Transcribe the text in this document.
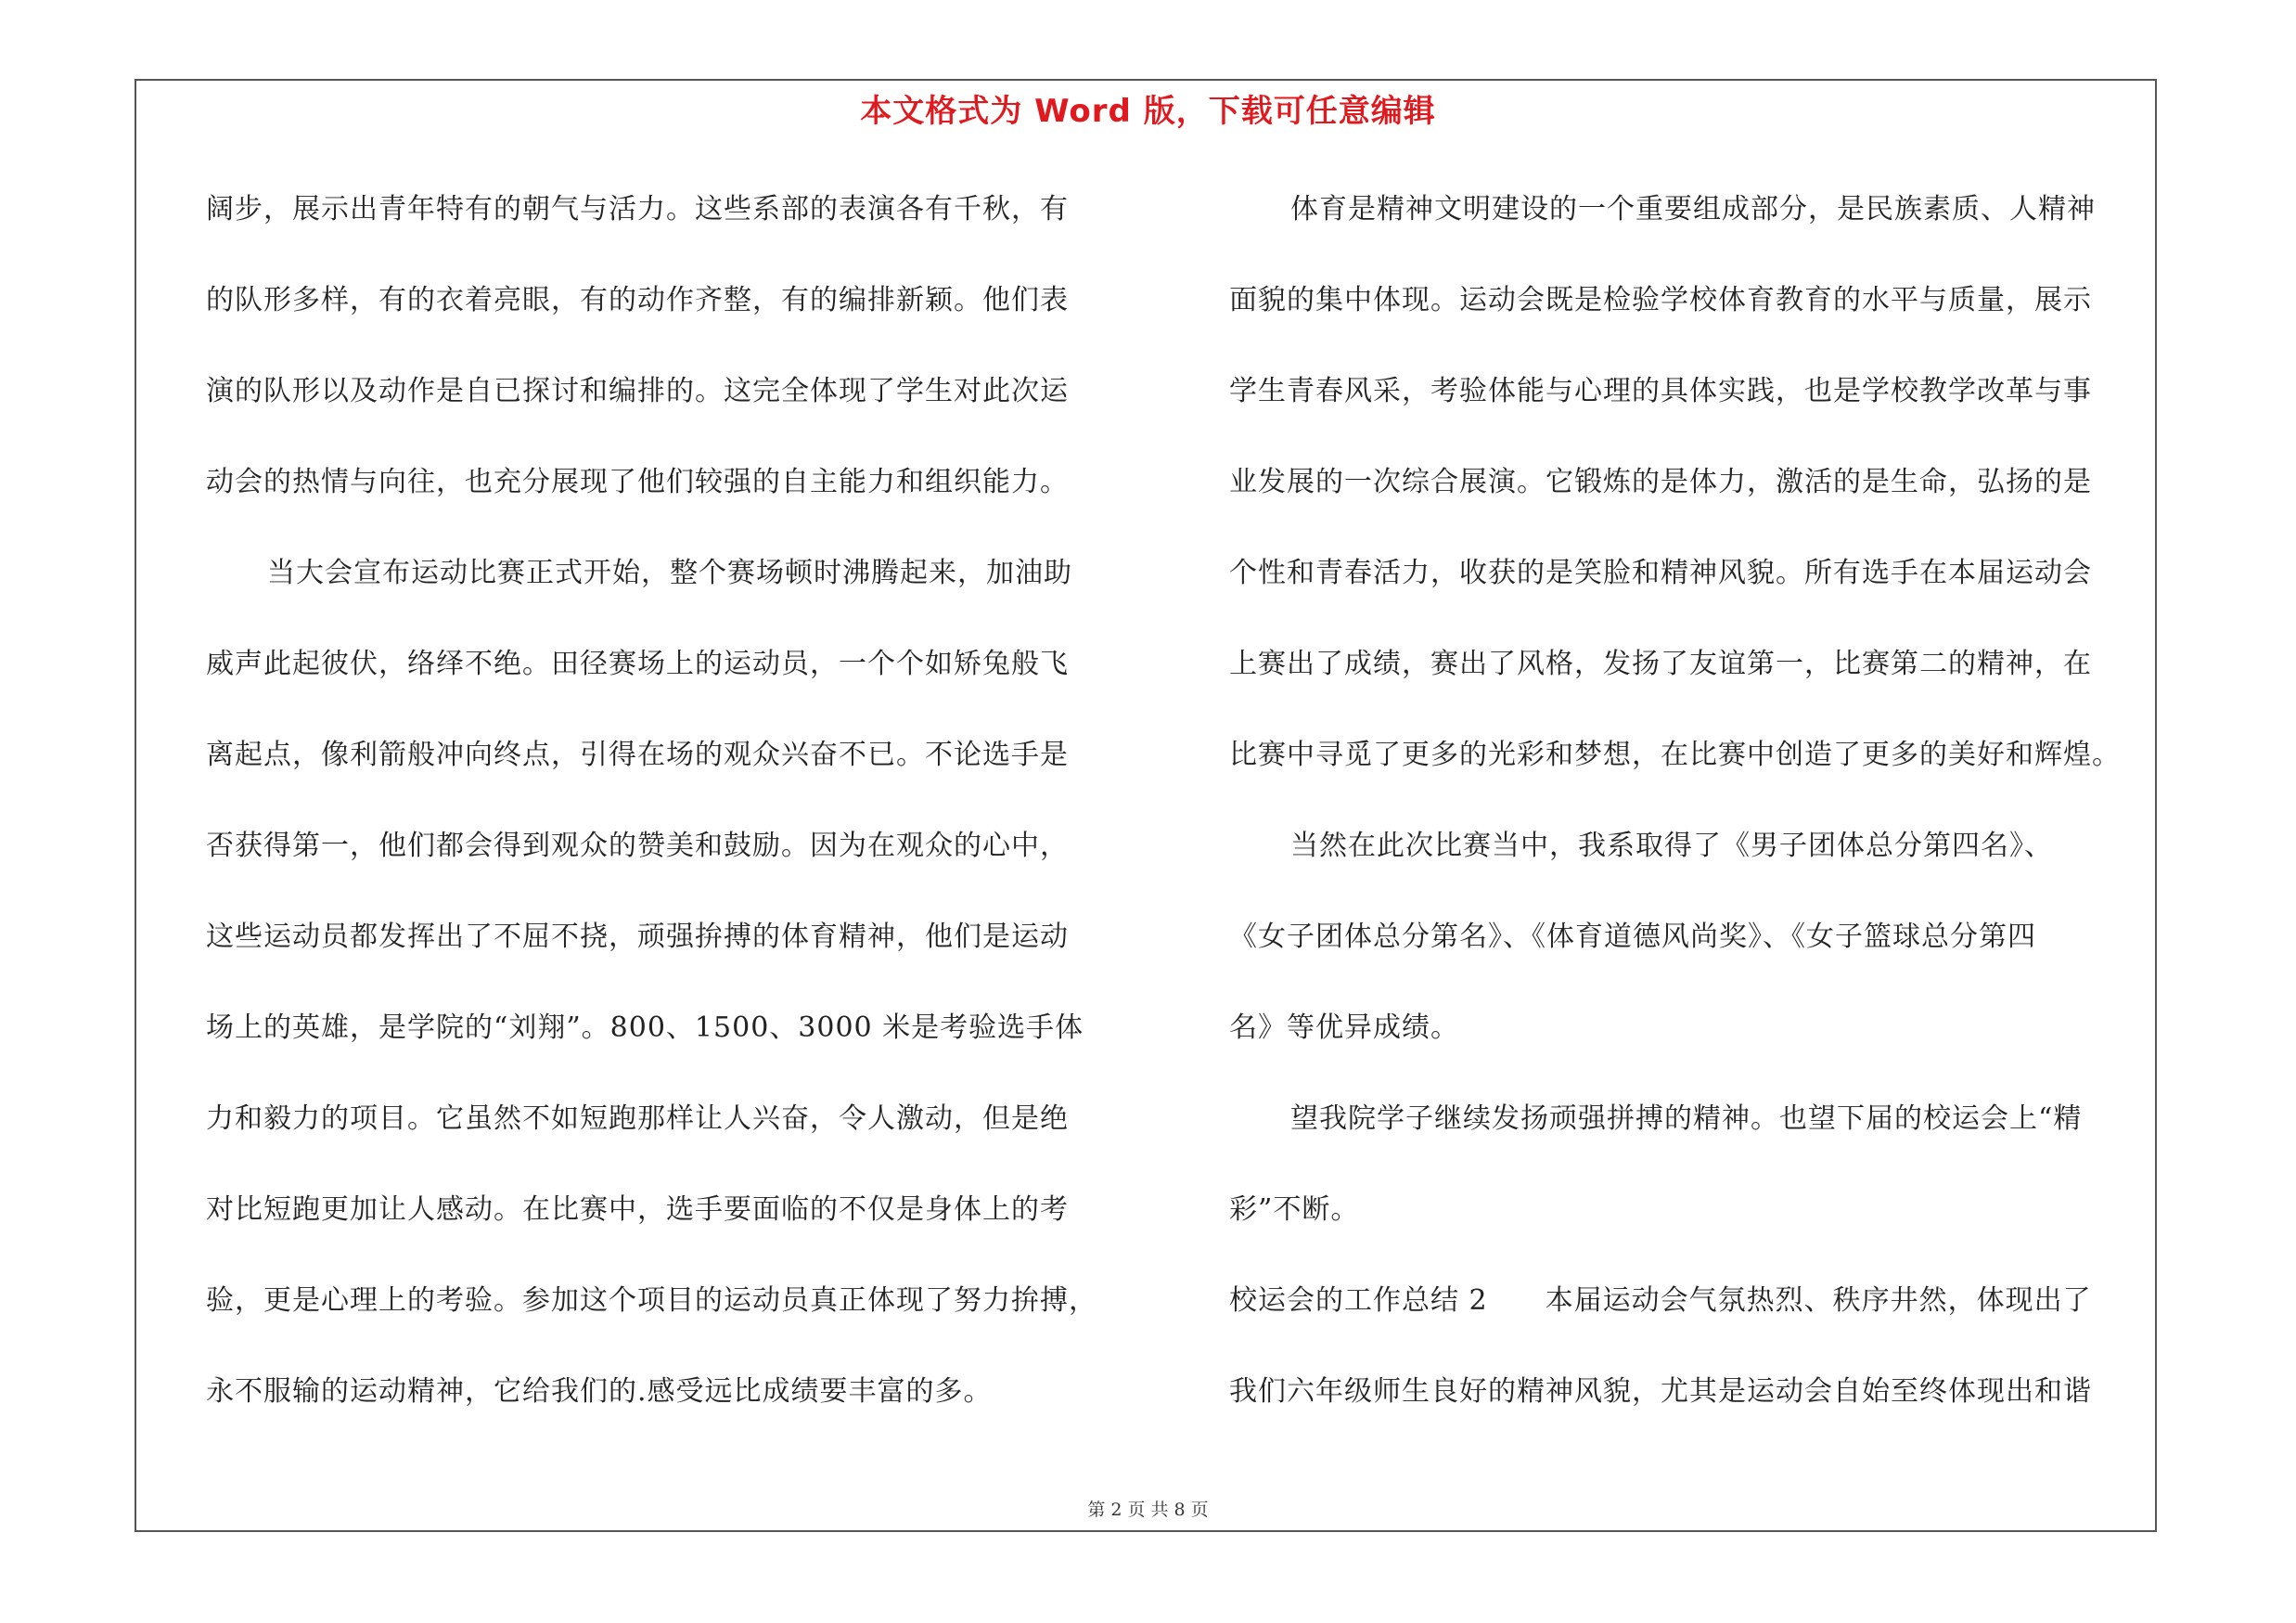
本文格式为 Word 版，下载可任意编辑
阔步，展示出青年特有的朝气与活力。这些系部的表演各有千秋，有
的队形多样，有的衣着亮眼，有的动作齐整，有的编排新颖。他们表
演的队形以及动作是自已探讨和编排的。这完全体现了学生对此次运
动会的热情与向往，也充分展现了他们较强的自主能力和组织能力。
当大会宣布运动比赛正式开始，整个赛场顿时沸腾起来，加油助
威声此起彼伏，络绎不绝。田径赛场上的运动员，一个个如矫兔般飞
离起点，像利箭般冲向终点，引得在场的观众兴奋不已。不论选手是
否获得第一，他们都会得到观众的赞美和鼓励。因为在观众的心中，
这些运动员都发挥出了不屈不挠，顽强拚搏的体育精神，他们是运动
场上的英雄，是学院的“刘翔”。800、1500、3000 米是考验选手体
力和毅力的项目。它虽然不如短跑那样让人兴奋，令人激动，但是绝
对比短跑更加让人感动。在比赛中，选手要面临的不仅是身体上的考
验，更是心理上的考验。参加这个项目的运动员真正体现了努力拚搏，
永不服输的运动精神，它给我们的.感受远比成绩要丰富的多。
体育是精神文明建设的一个重要组成部分，是民族素质、人精神
面貌的集中体现。运动会既是检验学校体育教育的水平与质量，展示
学生青春风采，考验体能与心理的具体实践，也是学校教学改革与事
业发展的一次综合展演。它锻炼的是体力，激活的是生命，弘扬的是
个性和青春活力，收获的是笑脸和精神风貌。所有选手在本届运动会
上赛出了成绩，赛出了风格，发扬了友谊第一，比赛第二的精神，在
比赛中寻觅了更多的光彩和梦想，在比赛中创造了更多的美好和辉煌。
当然在此次比赛当中，我系取得了《男子团体总分第四名》、
《女子团体总分第名》、《体育道德风尚奖》、《女子篮球总分第四
名》等优异成绩。
望我院学子继续发扬顽强拼搏的精神。也望下届的校运会上“精
彩”不断。
校运会的工作总结 2　　本届运动会气氛热烈、秩序井然，体现出了
我们六年级师生良好的精神风貌，尤其是运动会自始至终体现出和谐
第 2 页 共 8 页
